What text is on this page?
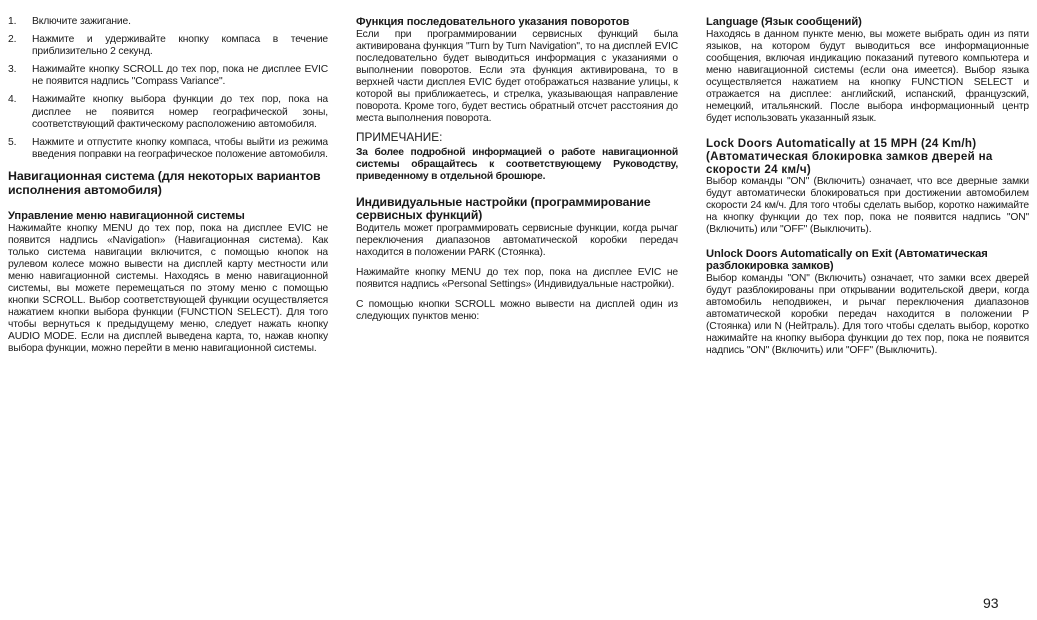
1. Включите зажигание.
2. Нажмите и удерживайте кнопку компаса в течение приблизительно 2 секунд.
3. Нажимайте кнопку SCROLL до тех пор, пока не дисплее EVIC не появится надпись "Compass Variance".
4. Нажимайте кнопку выбора функции до тех пор, пока на дисплее не появится номер географической зоны, соответствующий фактическому расположению автомобиля.
5. Нажмите и отпустите кнопку компаса, чтобы выйти из режима введения поправки на географическое положение автомобиля.
Навигационная система (для некоторых вариантов исполнения автомобиля)
Управление меню навигационной системы

Нажимайте кнопку MENU до тех пор, пока на дисплее EVIC не появится надпись «Navigation» (Навигационная система). Как только система навигации включится, с помощью кнопок на рулевом колесе можно вывести на дисплей карту местности или меню навигационной системы. Находясь в меню навигационной системы, вы можете перемещаться по этому меню с помощью кнопки SCROLL. Выбор соответствующей функции осуществляется нажатием кнопки выбора функции (FUNCTION SELECT). Для того чтобы вернуться к предыдущему меню, следует нажать кнопку AUDIO MODE. Если на дисплей выведена карта, то, нажав кнопку выбора функции, можно перейти в меню навигационной системы.

Функция последовательного указания поворотов

Если при программировании сервисных функций была активирована функция "Turn by Turn Navigation", то на дисплей EVIC последовательно будет выводиться информация с указаниями о выполнении поворотов. Если эта функция активирована, то в верхней части дисплея EVIC будет отображаться название улицы, к которой вы приближаетесь, и стрелка, указывающая направление поворота. Кроме того, будет вестись обратный отсчет расстояния до места выполнения поворота.

ПРИМЕЧАНИЕ:

За более подробной информацией о работе навигационной системы обращайтесь к соответствующему Руководству, приведенному в отдельной брошюре.

Индивидуальные настройки (программирование сервисных функций)

Водитель может программировать сервисные функции, когда рычаг переключения диапазонов автоматической коробки передач находится в положении PARK (Стоянка).

Нажимайте кнопку MENU до тех пор, пока на дисплее EVIC не появится надпись «Personal Settings» (Индивидуальные настройки).

С помощью кнопки SCROLL можно вывести на дисплей один из следующих пунктов меню:

Language (Язык сообщений)

Находясь в данном пункте меню, вы можете выбрать один из пяти языков, на котором будут выводиться все информационные сообщения, включая индикацию показаний путевого компьютера и меню навигационной системы (если она имеется). Выбор языка осуществляется нажатием на кнопку FUNCTION SELECT и отражается на дисплее: английский, испанский, французский, немецкий, итальянский. После выбора информационный центр будет использовать указанный язык.

Lock Doors Automatically at 15 MPH (24 Km/h) (Автоматическая блокировка замков дверей на скорости 24 км/ч)

Выбор команды "ON" (Включить) означает, что все дверные замки будут автоматически блокироваться при достижении автомобилем скорости 24 км/ч. Для того чтобы сделать выбор, коротко нажимайте на кнопку функции до тех пор, пока не появится надпись "ON" (Включить) или "OFF" (Выключить).

Unlock Doors Automatically on Exit (Автоматическая разблокировка замков)

Выбор команды "ON" (Включить) означает, что замки всех дверей будут разблокированы при открывании водительской двери, когда автомобиль неподвижен, и рычаг переключения диапазонов автоматической коробки передач находится в положении P (Стоянка) или N (Нейтраль). Для того чтобы сделать выбор, коротко нажимайте на кнопку выбора функции до тех пор, пока не появится надпись "ON" (Включить) или "OFF" (Выключить).

93
